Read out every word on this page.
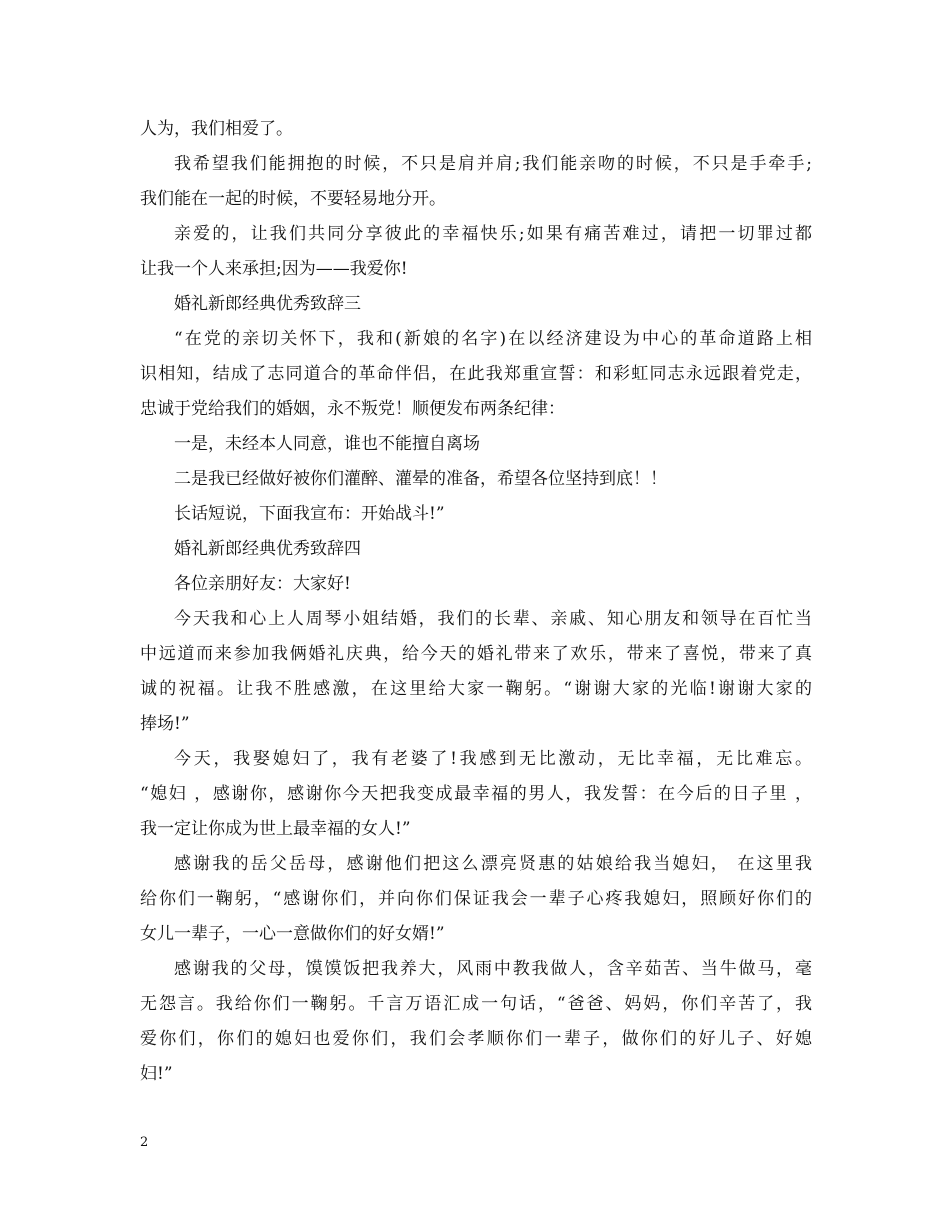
人为，我们相爱了。
我希望我们能拥抱的时候，不只是肩并肩;我们能亲吻的时候，不只是手牵手;
我们能在一起的时候，不要轻易地分开。
亲爱的，让我们共同分享彼此的幸福快乐;如果有痛苦难过，请把一切罪过都
让我一个人来承担;因为——我爱你!
婚礼新郎经典优秀致辞三
“在党的亲切关怀下，我和(新娘的名字)在以经济建设为中心的革命道路上相
识相知，结成了志同道合的革命伴侣，在此我郑重宣誓：和彩虹同志永远跟着党走，
忠诚于党给我们的婚姻，永不叛党！顺便发布两条纪律：
一是，未经本人同意，谁也不能擅自离场
二是我已经做好被你们灌醉、灌晕的准备，希望各位坚持到底！！
长话短说，下面我宣布：开始战斗!”
婚礼新郎经典优秀致辞四
各位亲朋好友：大家好!
今天我和心上人周琴小姐结婚，我们的长辈、亲戚、知心朋友和领导在百忙当
中远道而来参加我俩婚礼庆典，给今天的婚礼带来了欢乐，带来了喜悦，带来了真
诚的祝福。让我不胜感激，在这里给大家一鞠躬。“谢谢大家的光临!谢谢大家的
捧场!”
今天，我娶媳妇了，我有老婆了!我感到无比激动，无比幸福，无比难忘。
“媳妇 ，感谢你，感谢你今天把我变成最幸福的男人，我发誓：在今后的日子里 ，
我一定让你成为世上最幸福的女人!”
感谢我的岳父岳母，感谢他们把这么漂亮贤惠的姑娘给我当媳妇， 在这里我
给你们一鞠躬，“感谢你们，并向你们保证我会一辈子心疼我媳妇，照顾好你们的
女儿一辈子，一心一意做你们的好女婿!”
感谢我的父母，馍馍饭把我养大，风雨中教我做人，含辛茹苦、当牛做马，毫
无怨言。我给你们一鞠躬。千言万语汇成一句话，“爸爸、妈妈，你们辛苦了，我
爱你们，你们的媳妇也爱你们，我们会孝顺你们一辈子，做你们的好儿子、好媳
妇!”
2
